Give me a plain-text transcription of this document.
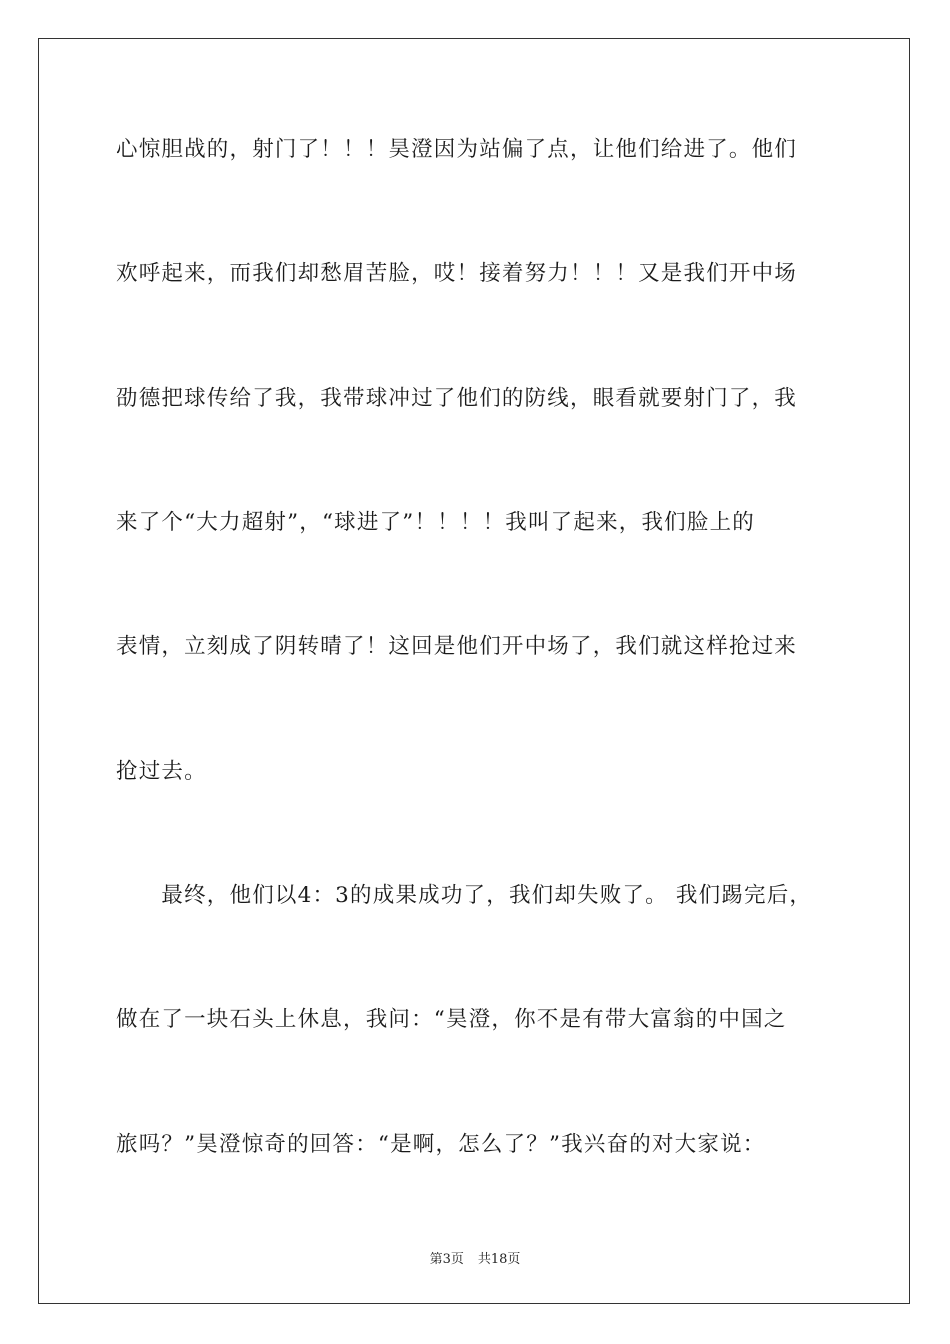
心惊胆战的，射门了！！！昊澄因为站偏了点，让他们给进了。他们
欢呼起来，而我们却愁眉苦脸，哎！接着努力！！！又是我们开中场
劭德把球传给了我，我带球冲过了他们的防线，眼看就要射门了，我
来了个“大力超射”，“球进了”！！！！我叫了起来，我们脸上的
表情，立刻成了阴转晴了！这回是他们开中场了，我们就这样抢过来
抢过去。
　　最终，他们以4：3的成果成功了，我们却失败了。 我们踢完后，
做在了一块石头上休息，我问：“昊澄，你不是有带大富翁的中国之
旅吗？”昊澄惊奇的回答：“是啊，怎么了？”我兴奋的对大家说：
第3页 共18页
